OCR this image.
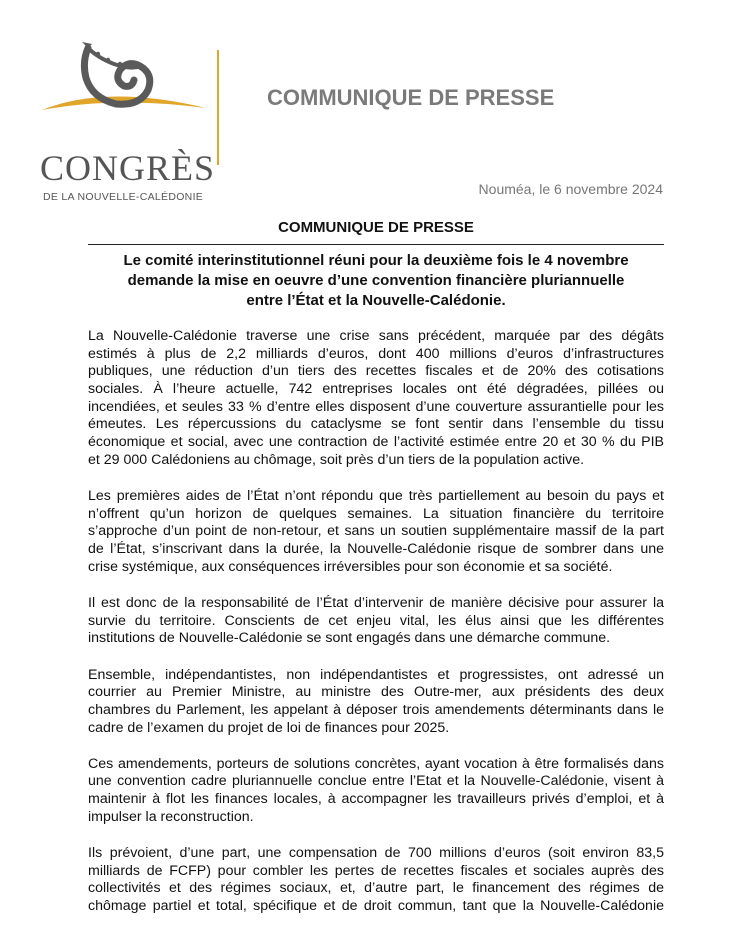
CONGRÈS
DE LA NOUVELLE-CALÉDONIE
COMMUNIQUE DE PRESSE
Nouméa, le 6 novembre 2024
COMMUNIQUE DE PRESSE
Le comité interinstitutionnel réuni pour la deuxième fois le 4 novembre
demande la mise en oeuvre d’une convention financière pluriannuelle
entre l’État et la Nouvelle-Calédonie.
La Nouvelle-Calédonie traverse une crise sans précédent, marquée par des dégâts
estimés à plus de 2,2 milliards d’euros, dont 400 millions d’euros d’infrastructures
publiques, une réduction d’un tiers des recettes fiscales et de 20% des cotisations
sociales. À l’heure actuelle, 742 entreprises locales ont été dégradées, pillées ou
incendiées, et seules 33 % d’entre elles disposent d’une couverture assurantielle pour les
émeutes. Les répercussions du cataclysme se font sentir dans l’ensemble du tissu
économique et social, avec une contraction de l’activité estimée entre 20 et 30 % du PIB
et 29 000 Calédoniens au chômage, soit près d’un tiers de la population active.
Les premières aides de l’État n’ont répondu que très partiellement au besoin du pays et
n’offrent qu’un horizon de quelques semaines. La situation financière du territoire
s’approche d’un point de non-retour, et sans un soutien supplémentaire massif de la part
de l’État, s’inscrivant dans la durée, la Nouvelle-Calédonie risque de sombrer dans une
crise systémique, aux conséquences irréversibles pour son économie et sa société.
Il est donc de la responsabilité de l’État d’intervenir de manière décisive pour assurer la
survie du territoire. Conscients de cet enjeu vital, les élus ainsi que les différentes
institutions de Nouvelle-Calédonie se sont engagés dans une démarche commune.
Ensemble, indépendantistes, non indépendantistes et progressistes, ont adressé un
courrier au Premier Ministre, au ministre des Outre-mer, aux présidents des deux
chambres du Parlement, les appelant à déposer trois amendements déterminants dans le
cadre de l’examen du projet de loi de finances pour 2025.
Ces amendements, porteurs de solutions concrètes, ayant vocation à être formalisés dans
une convention cadre pluriannuelle conclue entre l’Etat et la Nouvelle-Calédonie, visent à
maintenir à flot les finances locales, à accompagner les travailleurs privés d’emploi, et à
impulser la reconstruction.
Ils prévoient, d’une part, une compensation de 700 millions d’euros (soit environ 83,5
milliards de FCFP) pour combler les pertes de recettes fiscales et sociales auprès des
collectivités et des régimes sociaux, et, d’autre part, le financement des régimes de
chômage partiel et total, spécifique et de droit commun, tant que la Nouvelle-Calédonie
